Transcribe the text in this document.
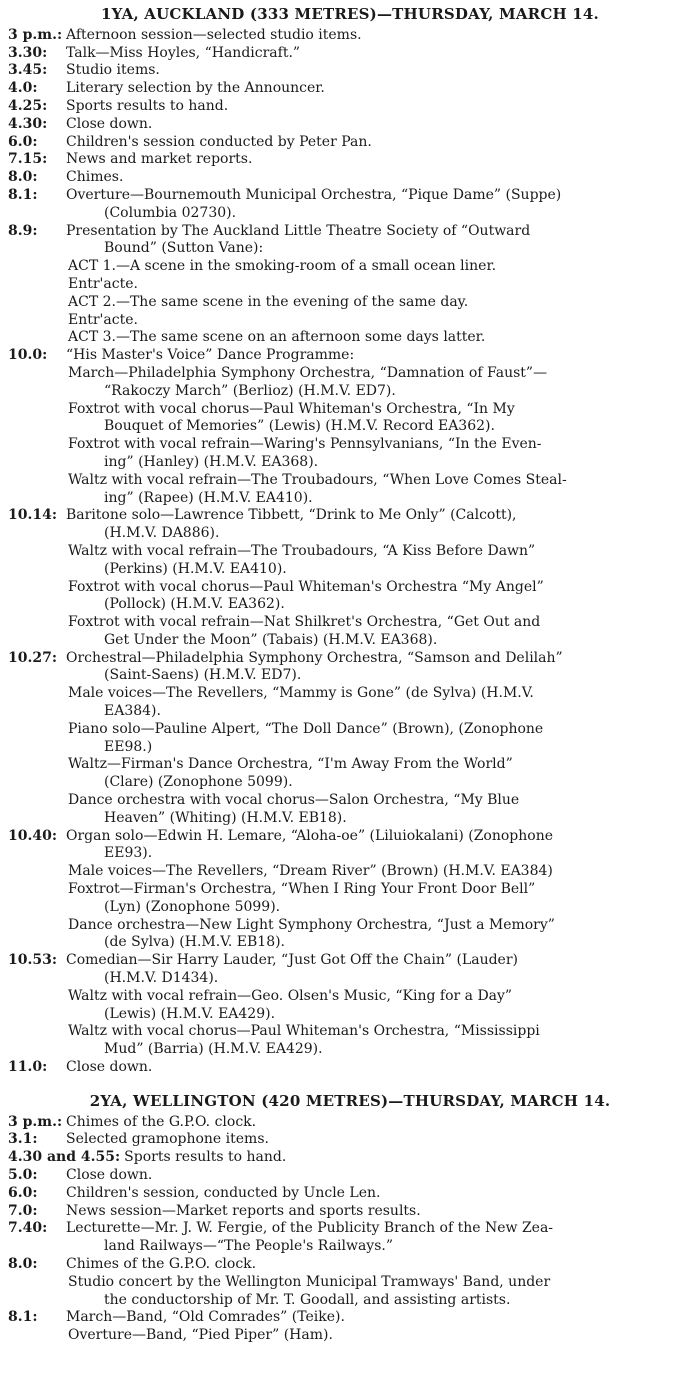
1YA, AUCKLAND (333 METRES)—THURSDAY, MARCH 14.
3 p.m.: Afternoon session—selected studio items.
3.30:	Talk—Miss Hoyles, “Handicraft.”
3.45:	Studio items.
4.0:	Literary selection by the Announcer.
4.25:	Sports results to hand.
4.30:	Close down.
6.0:	Children's session conducted by Peter Pan.
7.15:	News and market reports.
8.0:	Chimes.
8.1:	Overture—Bournemouth Municipal Orchestra, “Pique Dame” (Suppe)
(Columbia 02730).
8.9:	Presentation by The Auckland Little Theatre Society of “Outward
Bound” (Sutton Vane):
ACT 1.—A scene in the smoking-room of a small ocean liner.
Entr'acte.
ACT 2.—The same scene in the evening of the same day.
Entr'acte.
ACT 3.—The same scene on an afternoon some days latter.
10.0:	“His Master's Voice” Dance Programme:
March—Philadelphia Symphony Orchestra, “Damnation of Faust”—
“Rakoczy March” (Berlioz) (H.M.V. ED7).
Foxtrot with vocal chorus—Paul Whiteman's Orchestra, “In My
Bouquet of Memories” (Lewis) (H.M.V. Record EA362).
Foxtrot with vocal refrain—Waring's Pennsylvanians, “In the Even-
ing” (Hanley) (H.M.V. EA368).
Waltz with vocal refrain—The Troubadours, “When Love Comes Steal-
ing” (Rapee) (H.M.V. EA410).
10.14: Baritone solo—Lawrence Tibbett, “Drink to Me Only” (Calcott),
(H.M.V. DA886).
Waltz with vocal refrain—The Troubadours, “A Kiss Before Dawn”
(Perkins) (H.M.V. EA410).
Foxtrot with vocal chorus—Paul Whiteman's Orchestra “My Angel”
(Pollock) (H.M.V. EA362).
Foxtrot with vocal refrain—Nat Shilkret's Orchestra, “Get Out and
Get Under the Moon” (Tabais) (H.M.V. EA368).
10.27: Orchestral—Philadelphia Symphony Orchestra, “Samson and Delilah”
(Saint-Saens) (H.M.V. ED7).
Male voices—The Revellers, “Mammy is Gone” (de Sylva) (H.M.V.
EA384).
Piano solo—Pauline Alpert, “The Doll Dance” (Brown), (Zonophone
EE98.)
Waltz—Firman's Dance Orchestra, “I'm Away From the World”
(Clare) (Zonophone 5099).
Dance orchestra with vocal chorus—Salon Orchestra, “My Blue
Heaven” (Whiting) (H.M.V. EB18).
10.40: Organ solo—Edwin H. Lemare, “Aloha-oe” (Liluiokalani) (Zonophone
EE93).
Male voices—The Revellers, “Dream River” (Brown) (H.M.V. EA384)
Foxtrot—Firman's Orchestra, “When I Ring Your Front Door Bell”
(Lyn) (Zonophone 5099).
Dance orchestra—New Light Symphony Orchestra, “Just a Memory”
(de Sylva) (H.M.V. EB18).
10.53: Comedian—Sir Harry Lauder, “Just Got Off the Chain” (Lauder)
(H.M.V. D1434).
Waltz with vocal refrain—Geo. Olsen's Music, “King for a Day”
(Lewis) (H.M.V. EA429).
Waltz with vocal chorus—Paul Whiteman's Orchestra, “Mississippi
Mud” (Barria) (H.M.V. EA429).
11.0:	Close down.
2YA, WELLINGTON (420 METRES)—THURSDAY, MARCH 14.
3 p.m.: Chimes of the G.P.O. clock.
3.1:	Selected gramophone items.
4.30 and 4.55: Sports results to hand.
5.0:	Close down.
6.0:	Children's session, conducted by Uncle Len.
7.0:	News session—Market reports and sports results.
7.40:	Lecturette—Mr. J. W. Fergie, of the Publicity Branch of the New Zea-
land Railways—“The People's Railways.”
8.0:	Chimes of the G.P.O. clock.
Studio concert by the Wellington Municipal Tramways' Band, under
the conductorship of Mr. T. Goodall, and assisting artists.
8.1:	March—Band, “Old Comrades” (Teike).
Overture—Band, “Pied Piper” (Ham).
